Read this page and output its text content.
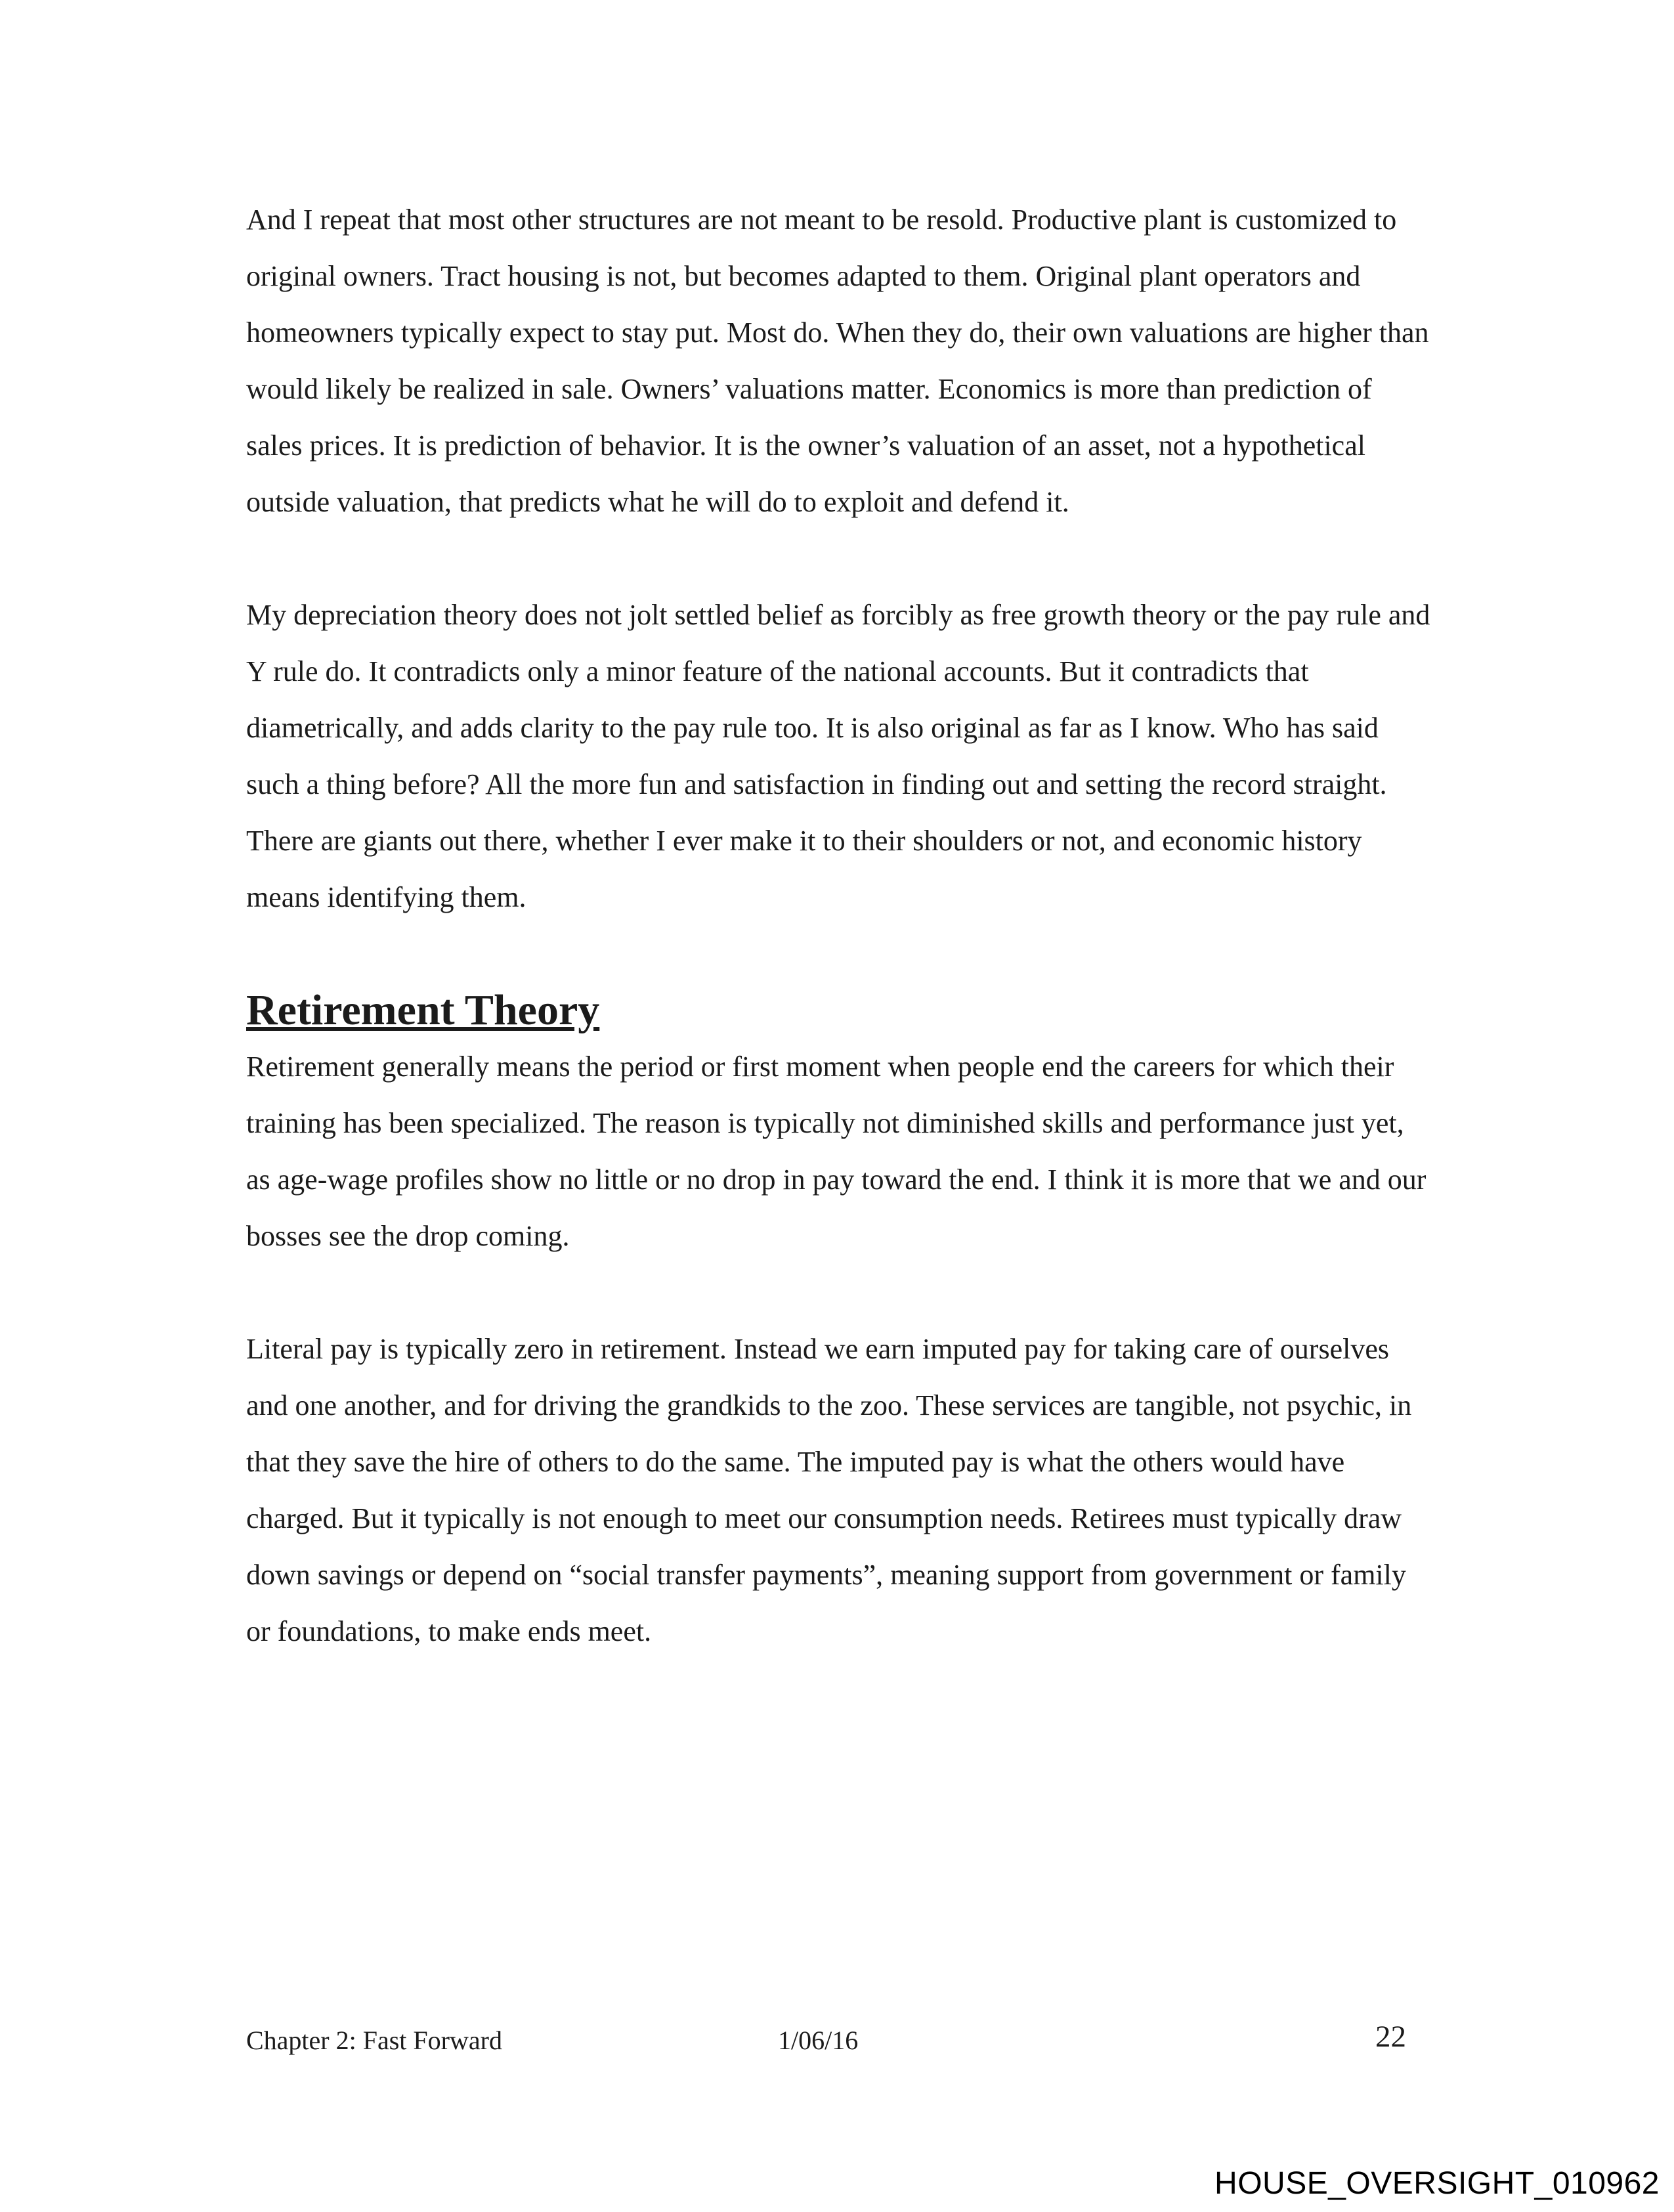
And I repeat that most other structures are not meant to be resold. Productive plant is customized to original owners. Tract housing is not, but becomes adapted to them. Original plant operators and homeowners typically expect to stay put. Most do. When they do, their own valuations are higher than would likely be realized in sale. Owners’ valuations matter. Economics is more than prediction of sales prices. It is prediction of behavior. It is the owner’s valuation of an asset, not a hypothetical outside valuation, that predicts what he will do to exploit and defend it.

My depreciation theory does not jolt settled belief as forcibly as free growth theory or the pay rule and Y rule do. It contradicts only a minor feature of the national accounts. But it contradicts that diametrically, and adds clarity to the pay rule too. It is also original as far as I know. Who has said such a thing before? All the more fun and satisfaction in finding out and setting the record straight. There are giants out there, whether I ever make it to their shoulders or not, and economic history means identifying them.

Retirement Theory

Retirement generally means the period or first moment when people end the careers for which their training has been specialized. The reason is typically not diminished skills and performance just yet, as age-wage profiles show no little or no drop in pay toward the end. I think it is more that we and our bosses see the drop coming.

Literal pay is typically zero in retirement. Instead we earn imputed pay for taking care of ourselves and one another, and for driving the grandkids to the zoo. These services are tangible, not psychic, in that they save the hire of others to do the same. The imputed pay is what the others would have charged. But it typically is not enough to meet our consumption needs. Retirees must typically draw down savings or depend on “social transfer payments”, meaning support from government or family or foundations, to make ends meet.

Chapter 2: Fast Forward	1/06/16	22
HOUSE_OVERSIGHT_010962
